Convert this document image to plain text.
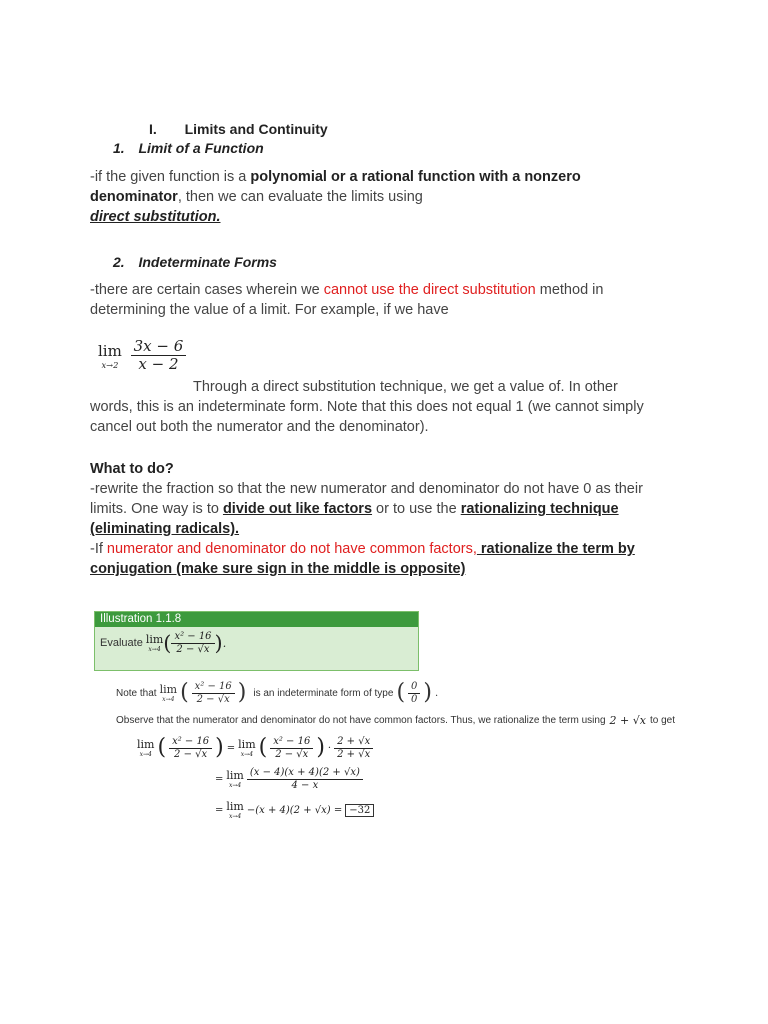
I. Limits and Continuity
1. Limit of a Function
-if the given function is a polynomial or a rational function with a nonzero
denominator, then we can evaluate the limits using
direct substitution.
2. Indeterminate Forms
-there are certain cases wherein we cannot use the direct substitution method in
determining the value of a limit. For example, if we have
lim
x→2
$\frac{3x - 6}{x - 2}$
Through a direct substitution technique, we get a value of. In other
words, this is an indeterminate form. Note that this does not equal 1 (we cannot simply
cancel out both the numerator and the denominator).
What to do?
-rewrite the fraction so that the new numerator and denominator do not have 0 as their
limits. One way is to divide out like factors or to use the rationalizing technique
(eliminating radicals).
-If numerator and denominator do not have common factors, rationalize the term by
conjugation (make sure sign in the middle is opposite)
Illustration 1.1.8
Evaluate lim
x→4 ( $\frac{\text{x² − 16}}{2 - √x}$ ) .
Note that lim
x→4 ( $\frac{\text{x² − 16}}{2 - √x}$ ) is an indeterminate form of type ( $\frac{0}{0}$ ) .
Observe that the numerator and denominator do not have common factors. Thus, we rationalize the term using 2 + √x to get
lim
x→4 ( $\frac{\text{x² − 16}}{2 - √x}$ ) = lim
x→4 ( $\frac{\text{x² − 16}}{2 - √x}$ ) · $\frac{2 + √x}{2 + √x}$
= lim
$x\to 4 \frac{(x - 4)(x + 4)(2 + √x)}{4 - x}$
= lim
x→4
−(x + 4)(2 + √x) = −32
